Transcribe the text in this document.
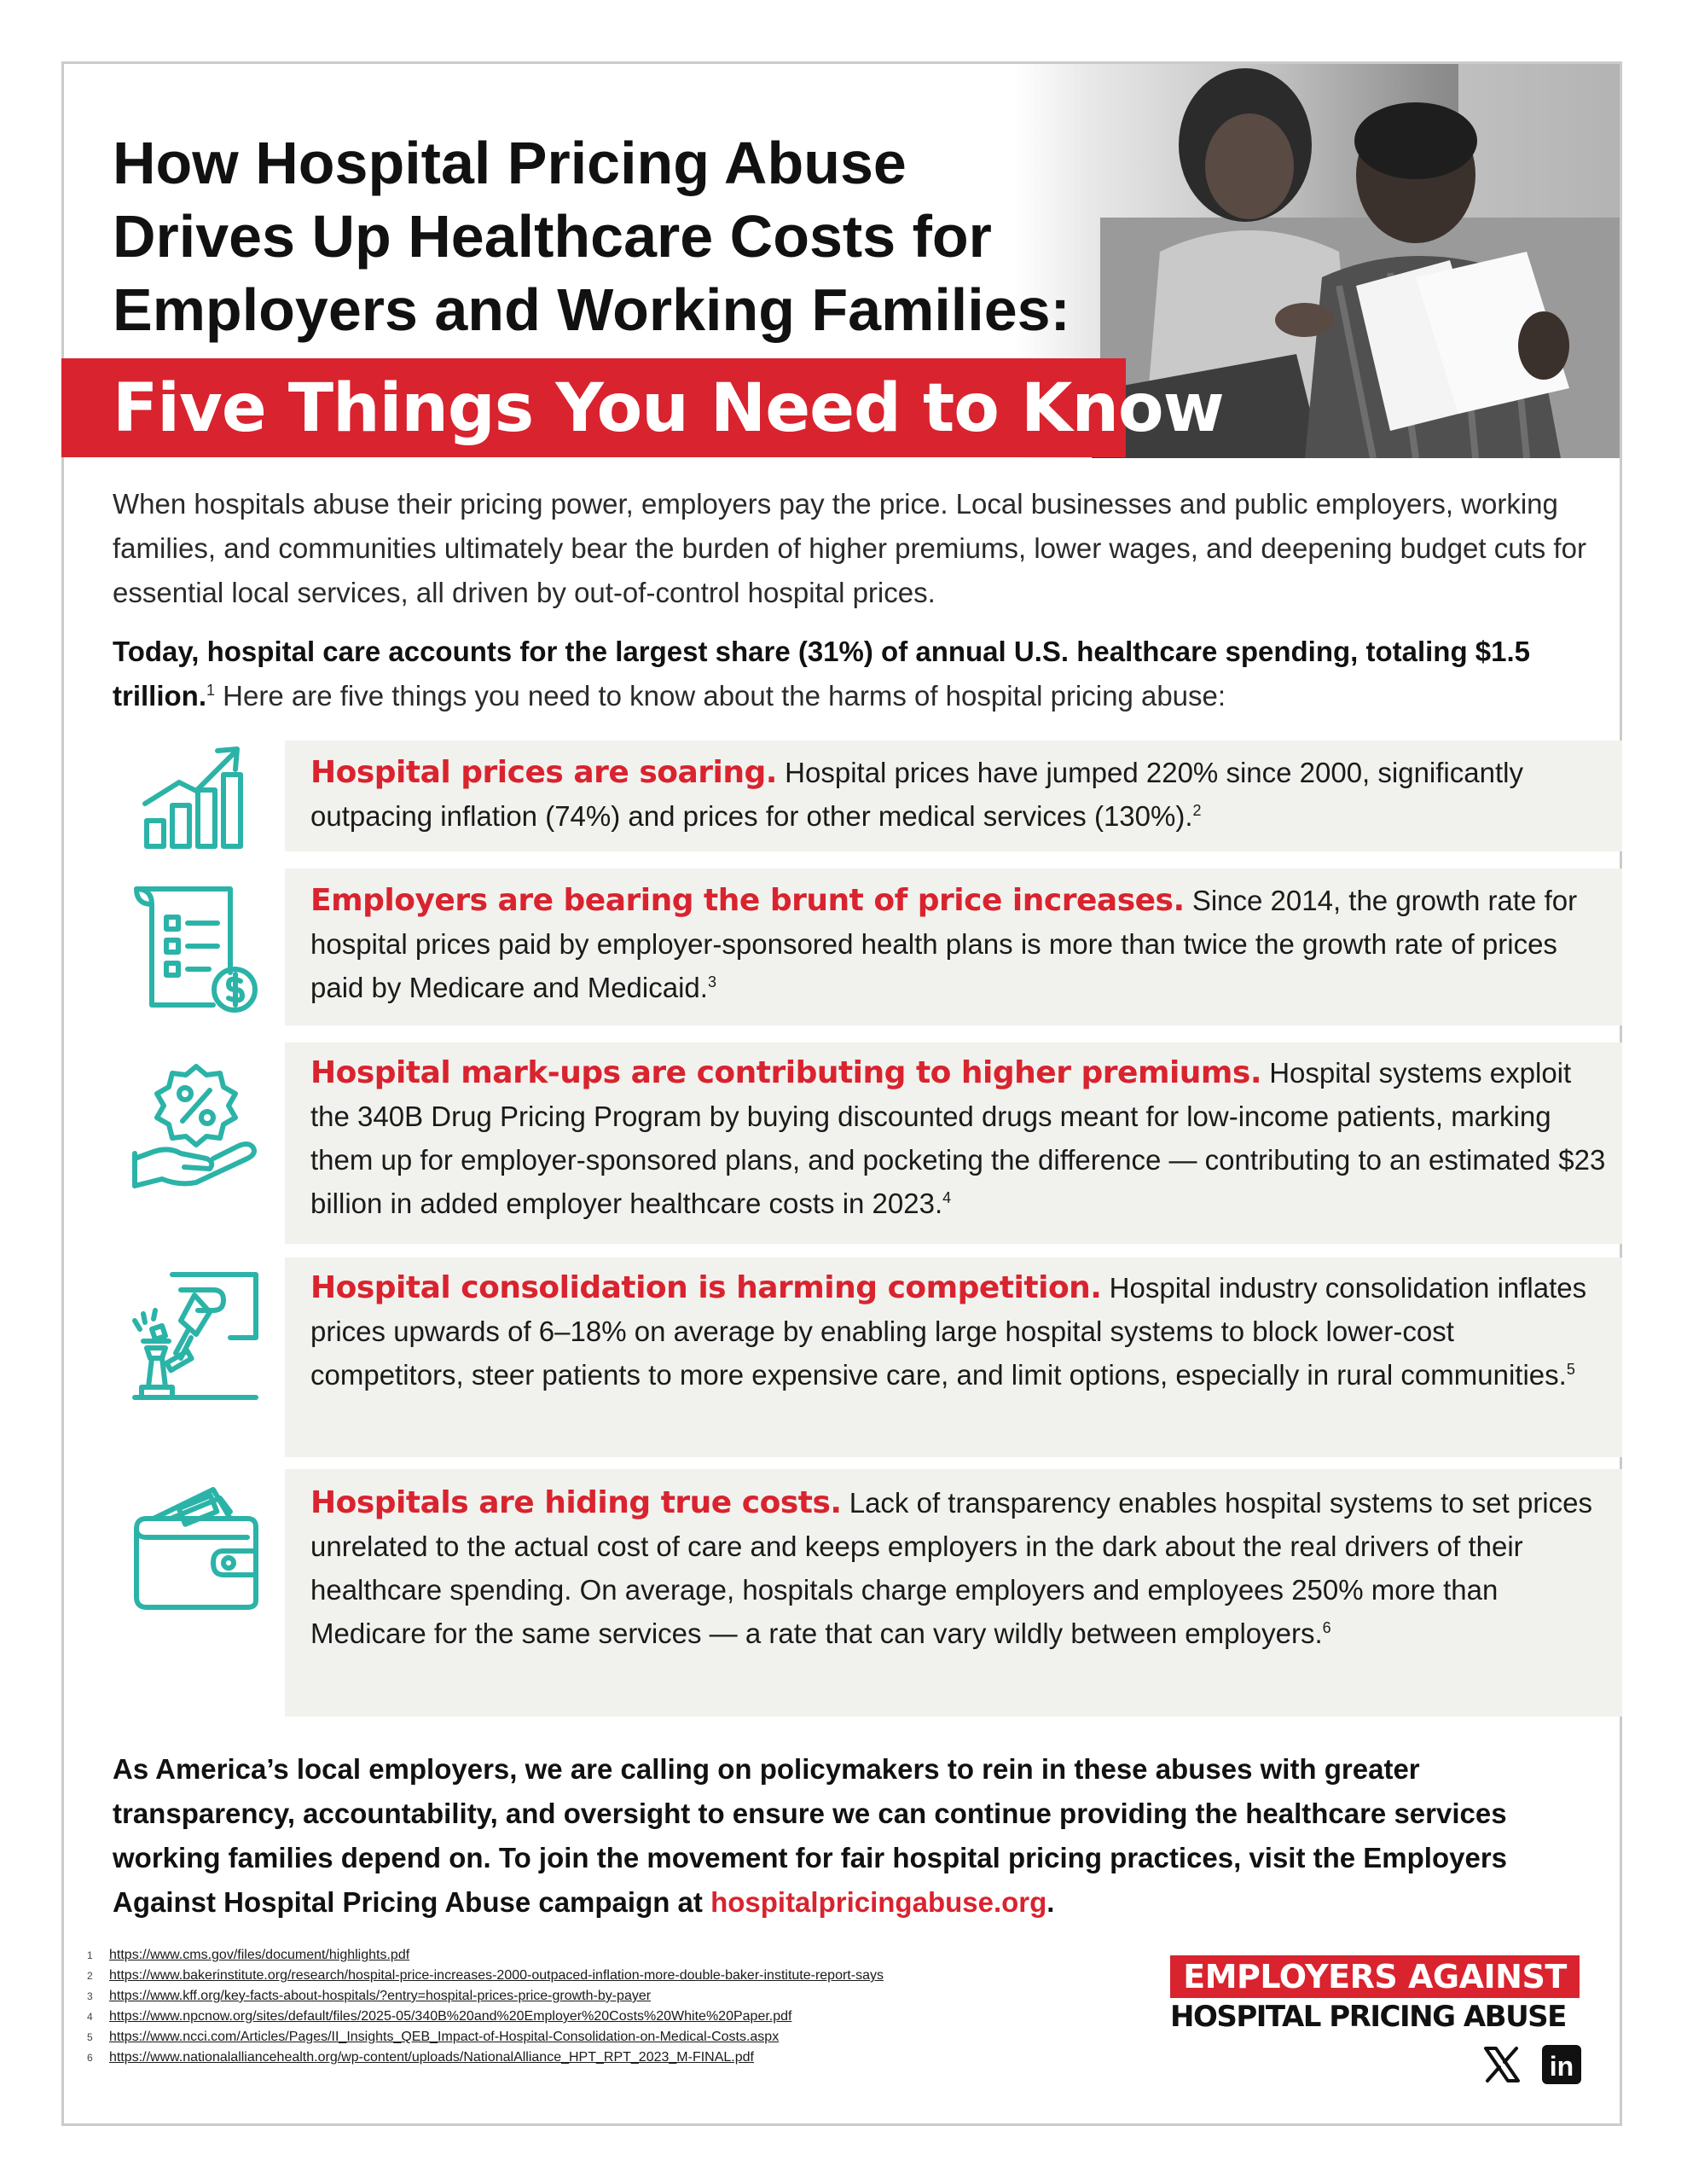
How Hospital Pricing Abuse
Drives Up Healthcare Costs for
Employers and Working Families:
Five Things You Need to Know

When hospitals abuse their pricing power, employers pay the price. Local businesses and public employers, working families, and communities ultimately bear the burden of higher premiums, lower wages, and deepening budget cuts for essential local services, all driven by out-of-control hospital prices.

Today, hospital care accounts for the largest share (31%) of annual U.S. healthcare spending, totaling $1.5 trillion.$^1$ Here are five things you need to know about the harms of hospital pricing abuse:

Hospital prices are soaring. Hospital prices have jumped 220% since 2000, significantly outpacing inflation (74%) and prices for other medical services (130%).$^2$

Employers are bearing the brunt of price increases. Since 2014, the growth rate for hospital prices paid by employer-sponsored health plans is more than twice the growth rate of prices paid by Medicare and Medicaid.$^3$

Hospital mark-ups are contributing to higher premiums. Hospital systems exploit the 340B Drug Pricing Program by buying discounted drugs meant for low-income patients, marking them up for employer-sponsored plans, and pocketing the difference — contributing to an estimated $23 billion in added employer healthcare costs in 2023.$^4$

Hospital consolidation is harming competition. Hospital industry consolidation inflates prices upwards of 6–18% on average by enabling large hospital systems to block lower-cost competitors, steer patients to more expensive care, and limit options, especially in rural communities.$^5$

Hospitals are hiding true costs. Lack of transparency enables hospital systems to set prices unrelated to the actual cost of care and keeps employers in the dark about the real drivers of their healthcare spending. On average, hospitals charge employers and employees 250% more than Medicare for the same services — a rate that can vary wildly between employers.$^6$

As America’s local employers, we are calling on policymakers to rein in these abuses with greater transparency, accountability, and oversight to ensure we can continue providing the healthcare services working families depend on. To join the movement for fair hospital pricing practices, visit the Employers Against Hospital Pricing Abuse campaign at hospitalpricingabuse.org.

1	https://www.cms.gov/files/document/highlights.pdf
2	https://www.bakerinstitute.org/research/hospital-price-increases-2000-outpaced-inflation-more-double-baker-institute-report-says
3	https://www.kff.org/key-facts-about-hospitals/?entry=hospital-prices-price-growth-by-payer
4	https://www.npcnow.org/sites/default/files/2025-05/340B%20and%20Employer%20Costs%20White%20Paper.pdf
5	https://www.ncci.com/Articles/Pages/II_Insights_QEB_Impact-of-Hospital-Consolidation-on-Medical-Costs.aspx
6	https://www.nationalalliancehealth.org/wp-content/uploads/NationalAlliance_HPT_RPT_2023_M-FINAL.pdf
EMPLOYERS AGAINST
HOSPITAL PRICING ABUSE
in
